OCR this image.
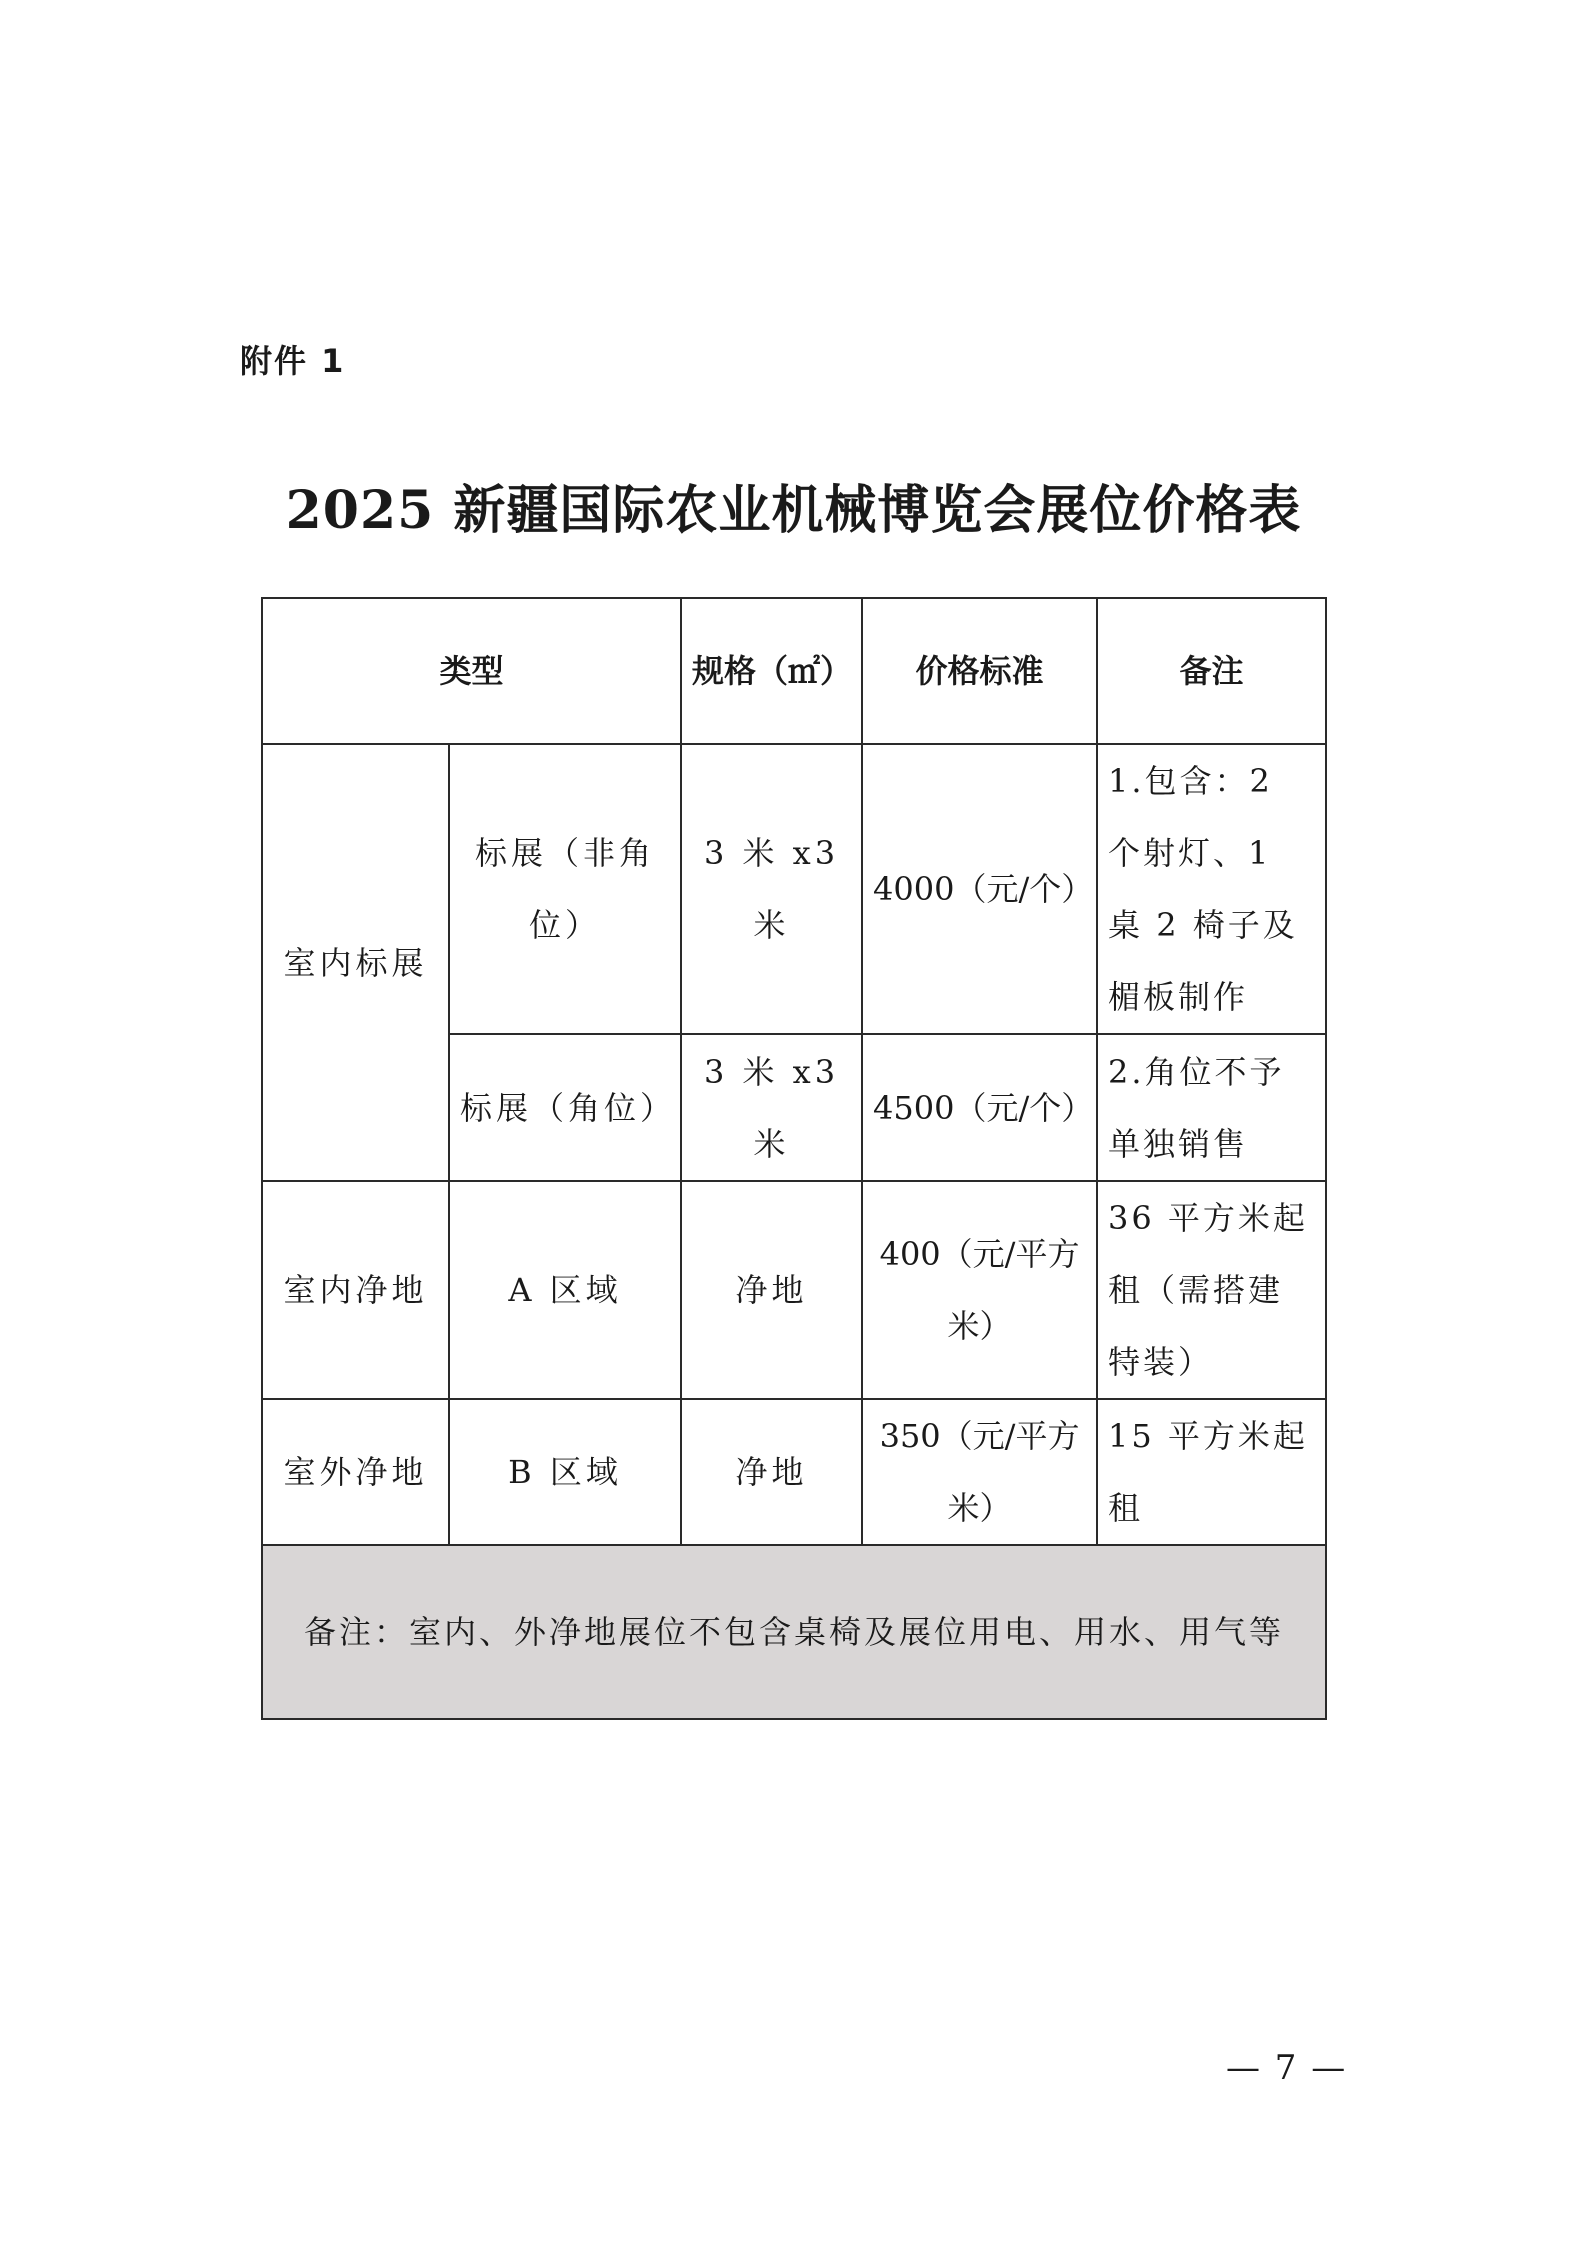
附件 1
2025 新疆国际农业机械博览会展位价格表
类型		规格（㎡）	价格标准	备注
室内标展	标展（非角位）	3 米 x3 米	4000（元/个）	1.包含：2 个射灯、1 桌 2 椅子及楣板制作
	标展（角位）	3 米 x3 米	4500（元/个）	2.角位不予单独销售
室内净地	A 区域	净地	400（元/平方米）	36 平方米起租（需搭建特装）
室外净地	B 区域	净地	350（元/平方米）	15 平方米起租
备注：室内、外净地展位不包含桌椅及展位用电、用水、用气等				
— 7 —
